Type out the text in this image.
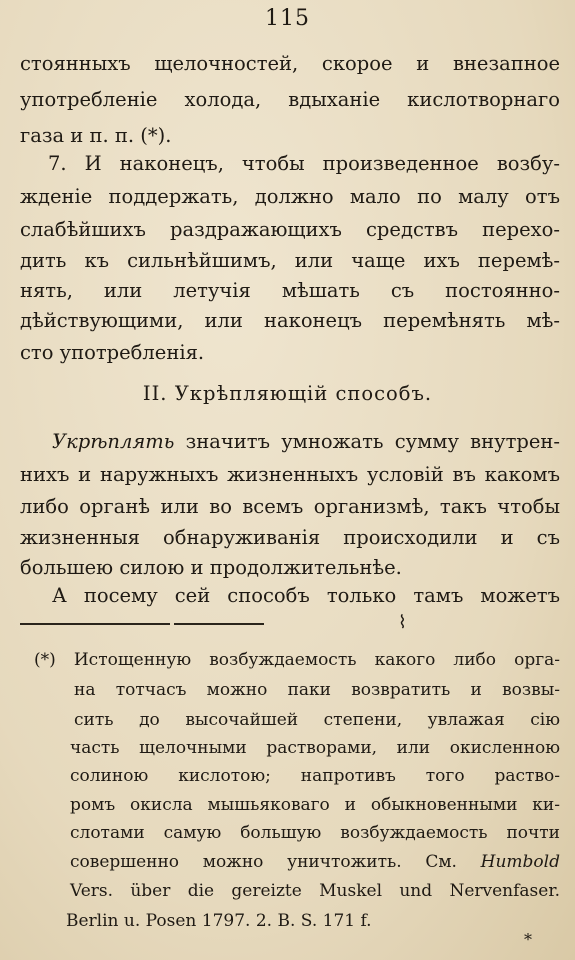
115
стоянныхъ щелочностей, скорое и внезапное
употребленіе холода, вдыханіе кислотворнаго
газа и п. п. (*).
7. И наконецъ, чтобы произведенное возбу-
жденіе поддержать, должно мало по малу отъ
слабѣйшихъ раздражающихъ средствъ перехо-
дить къ сильнѣйшимъ, или чаще ихъ перемѣ-
нять, или летучія мѣшать съ постоянно-
дѣйствующими, или наконецъ перемѣнять мѣ-
сто употребленія.
II. Укрѣпляющій способъ.
Укрѣплять значитъ умножать сумму внутрен-
нихъ и наружныхъ жизненныхъ условій въ какомъ
либо органѣ или во всемъ организмѣ, такъ чтобы
жизненныя обнаруживанія происходили и съ
большею силою и продолжительнѣе.
А посему сей способъ только тамъ можетъ
⌇
(*) Истощенную возбуждаемость какого либо орга-
на тотчасъ можно паки возвратить и возвы-
сить до высочайшей степени, увлажая сію
часть щелочными растворами, или окисленною
солиною кислотою; напротивъ того раство-
ромъ окисла мышьяковаго и обыкновенными ки-
слотами самую большую возбуждаемость почти
совершенно можно уничтожить. См. Humbold
Vers. über die gereizte Muskel und Nervenfaser.
Berlin u. Posen 1797. 2. B. S. 171 f.
*
